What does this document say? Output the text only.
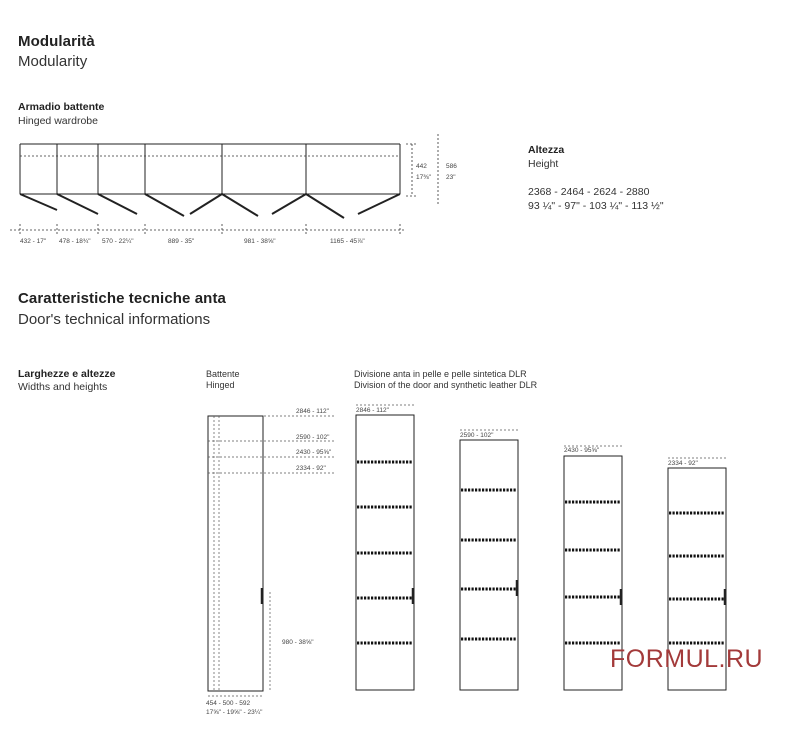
Modularità
Modularity
Armadio battente
Hinged wardrobe
432 - 17" 478 - 18¾" 570 - 22¼"	889 - 35"	981 - 38⅝"	1165 - 45⅞"
442
17⅜"
586
23"
Altezza
Height
2368 - 2464 - 2624 - 2880
93 ¼" - 97" - 103 ¼" - 113 ½"
Caratteristiche tecniche anta
Door's technical informations
Larghezze e altezze
Widths and heights
Battente
Hinged
Divisione anta in pelle e pelle sintetica DLR
Division of the door and synthetic leather DLR
2846 - 112"
2590 - 102"
2430 - 95⅝"
2334 - 92"
980 - 38⅝"
454 - 500 - 592
17⅝" - 19⅝" - 23¼"
2846 - 112"
2590 - 102"
2430 - 95⅝"
2334 - 92"
FORMUL.RU
